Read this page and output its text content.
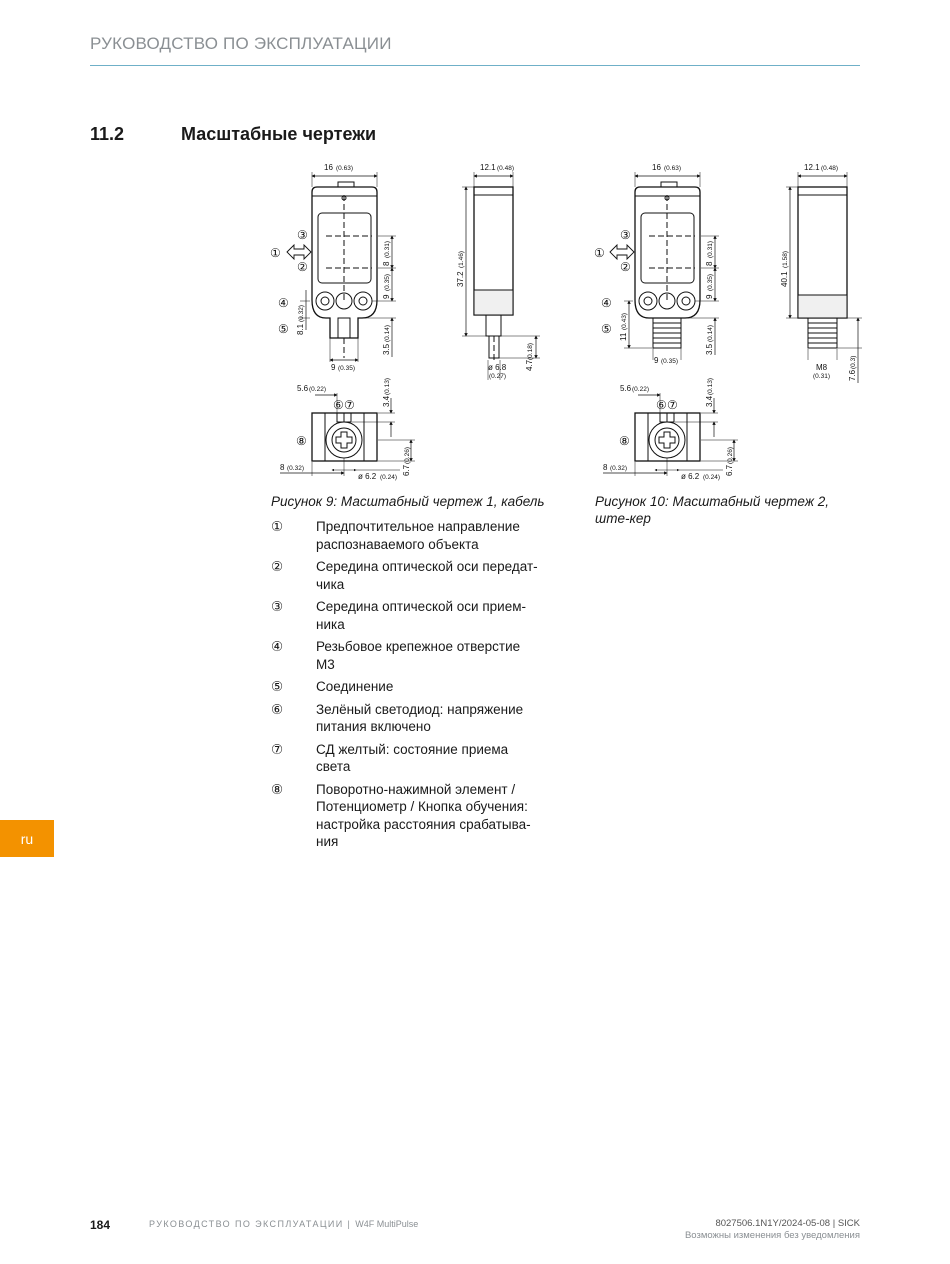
РУКОВОДСТВО ПО ЭКСПЛУАТАЦИИ
11.2	Масштабные чертежи
16 (0.63)
8
(0.31)
9
(0.35)
8.1
(0.32)
3.5
(0.14)
9 (0.35)
③
①
②
④
⑤
12.1 (0.48)
37.2
(1.46)
4.7
(0.18)
ø 6.8
(0.27)
5.6 (0.22)
3.4
(0.13)
8 (0.32)
ø 6.2 (0.24)
6.7
(0.26)
⑥ ⑦
⑧
16 (0.63)
8
(0.31)
9
(0.35)
11
(0.43)
3.5
(0.14)
9 (0.35)
③
①
②
④
⑤
12.1 (0.48)
40.1
(1.58)
M8
(0.31) 7.6
(0.3)
5.6 (0.22)
3.4
(0.13)
8 (0.32)
ø 6.2 (0.24)
6.7
(0.26)
⑥ ⑦
⑧
Рисунок 9: Масштабный чертеж 1, кабель	Рисунок 10: Масштабный чертеж 2, ште-кер
①	Предпочтительное направление распознаваемого объекта
②	Середина оптической оси передат-чика
③	Середина оптической оси прием-ника
④	Резьбовое крепежное отверстие М3
⑤	Соединение
⑥	Зелёный светодиод: напряжение питания включено
⑦	СД желтый: состояние приема света
⑧	Поворотно-нажимной элемент / Потенциометр / Кнопка обучения: настройка расстояния срабатыва-ния
ru
184	РУКОВОДСТВО ПО ЭКСПЛУАТАЦИИ | W4F MultiPulse	8027506.1N1Y/2024-05-08 | SICK
Возможны изменения без уведомления
